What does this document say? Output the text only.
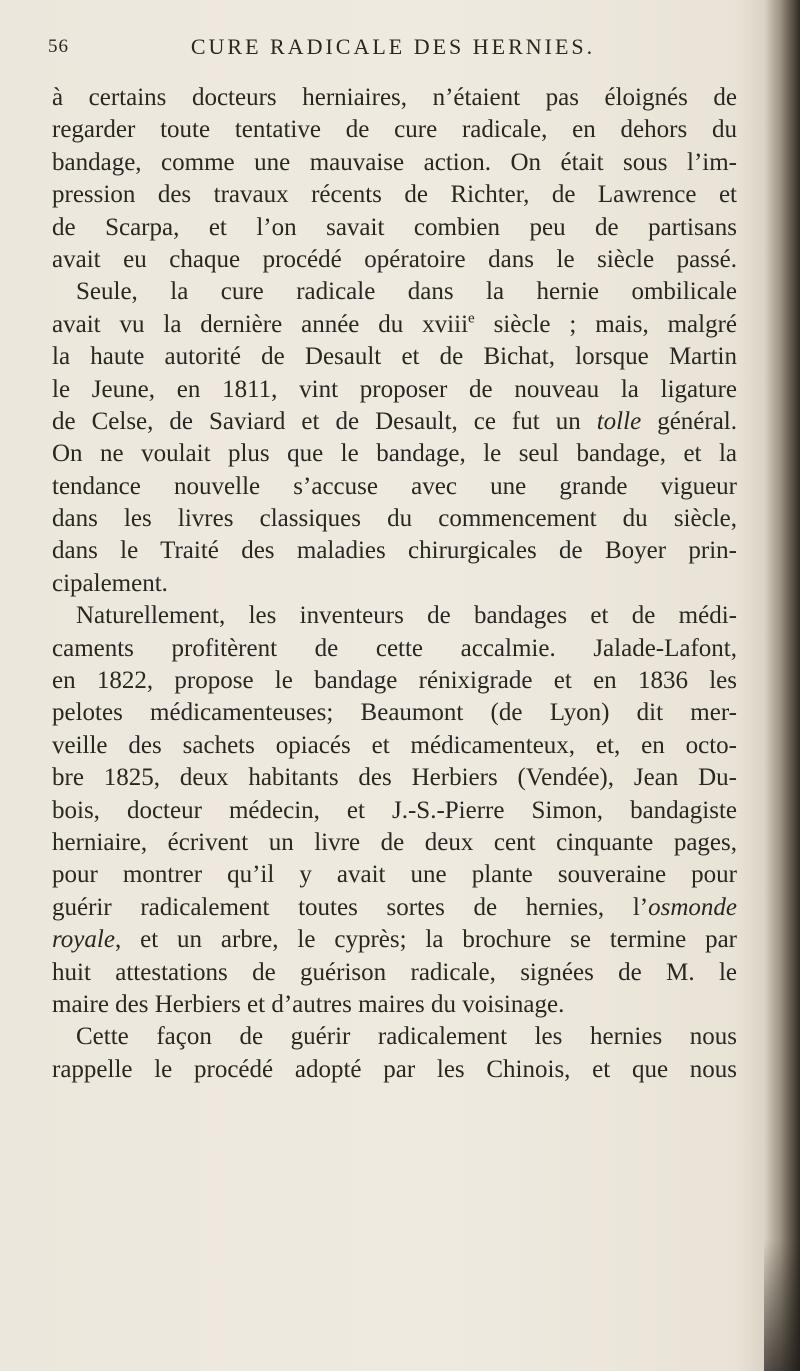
56	CURE RADICALE DES HERNIES.
à certains docteurs herniaires, n’étaient pas éloignés de
regarder toute tentative de cure radicale, en dehors du
bandage, comme une mauvaise action. On était sous l’im-
pression des travaux récents de Richter, de Lawrence et
de Scarpa, et l’on savait combien peu de partisans
avait eu chaque procédé opératoire dans le siècle passé.
Seule, la cure radicale dans la hernie ombilicale
avait vu la dernière année du xviii$^e$ siècle ; mais, malgré
la haute autorité de Desault et de Bichat, lorsque Martin
le Jeune, en 1811, vint proposer de nouveau la ligature
de Celse, de Saviard et de Desault, ce fut un tolle général.
On ne voulait plus que le bandage, le seul bandage, et la
tendance nouvelle s’accuse avec une grande vigueur
dans les livres classiques du commencement du siècle,
dans le Traité des maladies chirurgicales de Boyer prin-
cipalement.
Naturellement, les inventeurs de bandages et de médi-
caments profitèrent de cette accalmie. Jalade-Lafont,
en 1822, propose le bandage rénixigrade et en 1836 les
pelotes médicamenteuses; Beaumont (de Lyon) dit mer-
veille des sachets opiacés et médicamenteux, et, en octo-
bre 1825, deux habitants des Herbiers (Vendée), Jean Du-
bois, docteur médecin, et J.-S.-Pierre Simon, bandagiste
herniaire, écrivent un livre de deux cent cinquante pages,
pour montrer qu’il y avait une plante souveraine pour
guérir radicalement toutes sortes de hernies, l’osmonde
royale, et un arbre, le cyprès; la brochure se termine par
huit attestations de guérison radicale, signées de M. le
maire des Herbiers et d’autres maires du voisinage.
Cette façon de guérir radicalement les hernies nous
rappelle le procédé adopté par les Chinois, et que nous
